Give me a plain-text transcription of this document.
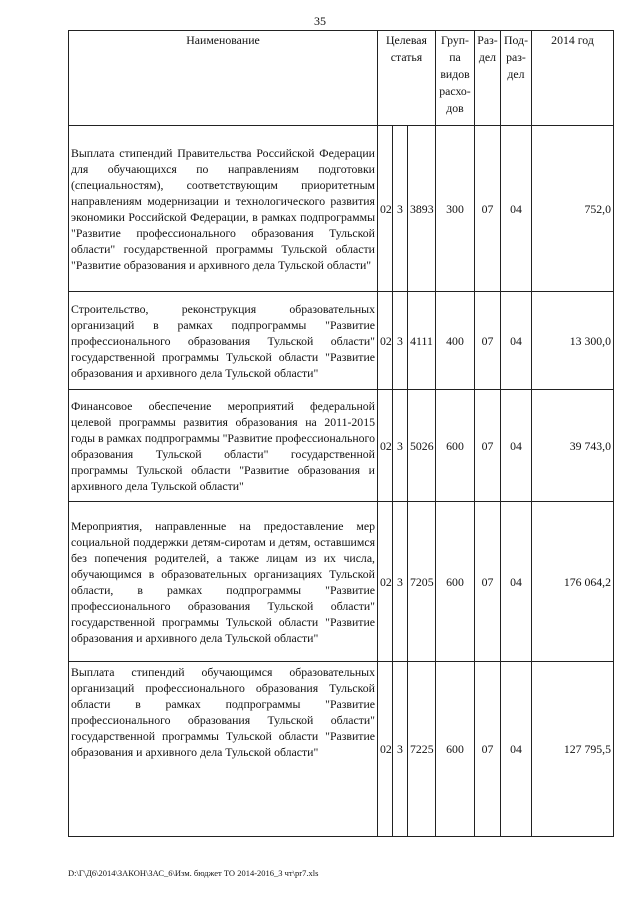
35
Наименование	Целевая статья			Груп-па видов расхо-дов	Раз-дел	Под-раз-дел	2014 год
Выплата стипендий Правительства Российской Федерации для обучающихся по направлениям подготовки (специальностям), соответствующим приоритетным направлениям модернизации и технологического развития экономики Российской Федерации, в рамках подпрограммы "Развитие профессионального образования Тульской области" государственной программы Тульской области "Развитие образования и архивного дела Тульской области"	02	3	3893	300	07	04	752,0
Строительство, реконструкция образовательных организаций в рамках подпрограммы "Развитие профессионального образования Тульской области" государственной программы Тульской области "Развитие образования и архивного дела Тульской области"	02	3	4111	400	07	04	13 300,0
Финансовое обеспечение мероприятий федеральной целевой программы развития образования на 2011-2015 годы в рамках подпрограммы "Развитие профессионального образования Тульской области" государственной программы Тульской области "Развитие образования и архивного дела Тульской области"	02	3	5026	600	07	04	39 743,0
Мероприятия, направленные на предоставление мер социальной поддержки детям-сиротам и детям, оставшимся без попечения родителей, а также лицам из их числа, обучающимся в образовательных организациях Тульской области, в рамках подпрограммы "Развитие профессионального образования Тульской области" государственной программы Тульской области "Развитие образования и архивного дела Тульской области"	02	3	7205	600	07	04	176 064,2
Выплата стипендий обучающимся образовательных организаций профессионального образования Тульской области в рамках подпрограммы "Развитие профессионального образования Тульской области" государственной программы Тульской области "Развитие образования и архивного дела Тульской области"	02	3	7225	600	07	04	127 795,5
D:\Г\Д6\2014\ЗАКОН\ЗАС_6\Изм. бюджет ТО 2014-2016_3 чт\pr7.xls
